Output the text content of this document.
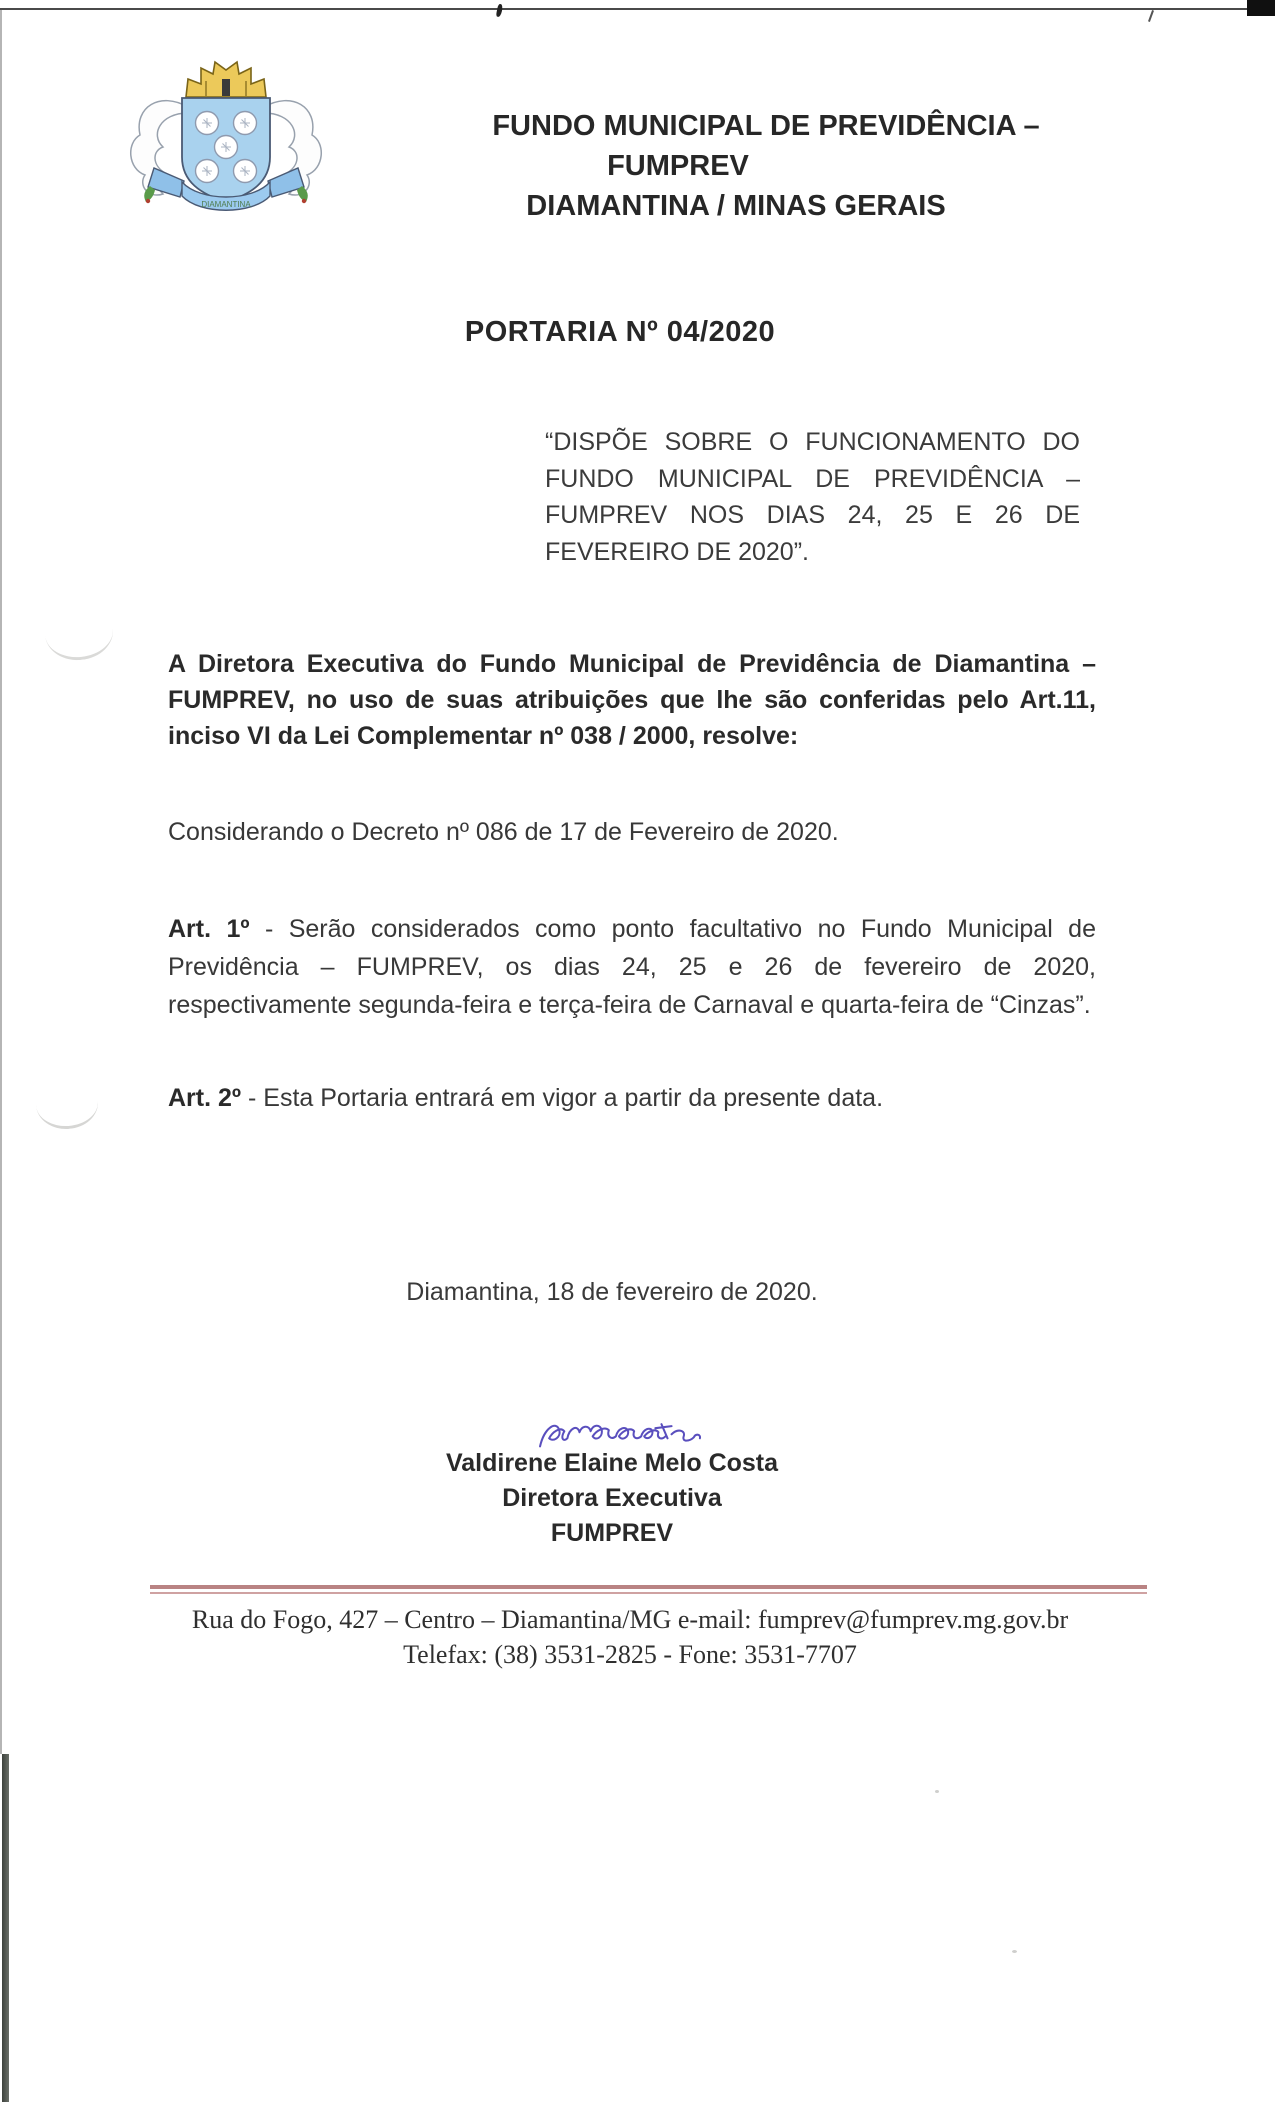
DIAMANTINA
FUNDO MUNICIPAL DE PREVIDÊNCIA –
FUMPREV
DIAMANTINA / MINAS GERAIS
PORTARIA Nº 04/2020
“DISPÕE SOBRE O FUNCIONAMENTO DO FUNDO MUNICIPAL DE PREVIDÊNCIA – FUMPREV NOS DIAS 24, 25 E 26 DE FEVEREIRO DE 2020”.

A Diretora Executiva do Fundo Municipal de Previdência de Diamantina – FUMPREV, no uso de suas atribuições que lhe são conferidas pelo Art.11, inciso VI da Lei Complementar nº 038 / 2000, resolve:

Considerando o Decreto nº 086 de 17 de Fevereiro de 2020.

Art. 1º - Serão considerados como ponto facultativo no Fundo Municipal de Previdência – FUMPREV, os dias 24, 25 e 26 de fevereiro de 2020, respectivamente segunda-feira e terça-feira de Carnaval e quarta-feira de “Cinzas”.

Art. 2º - Esta Portaria entrará em vigor a partir da presente data.

Diamantina, 18 de fevereiro de 2020.
Valdirene Elaine Melo Costa
Diretora Executiva
FUMPREV
Rua do Fogo, 427 – Centro – Diamantina/MG e-mail: fumprev@fumprev.mg.gov.br
Telefax: (38) 3531-2825 - Fone: 3531-7707
